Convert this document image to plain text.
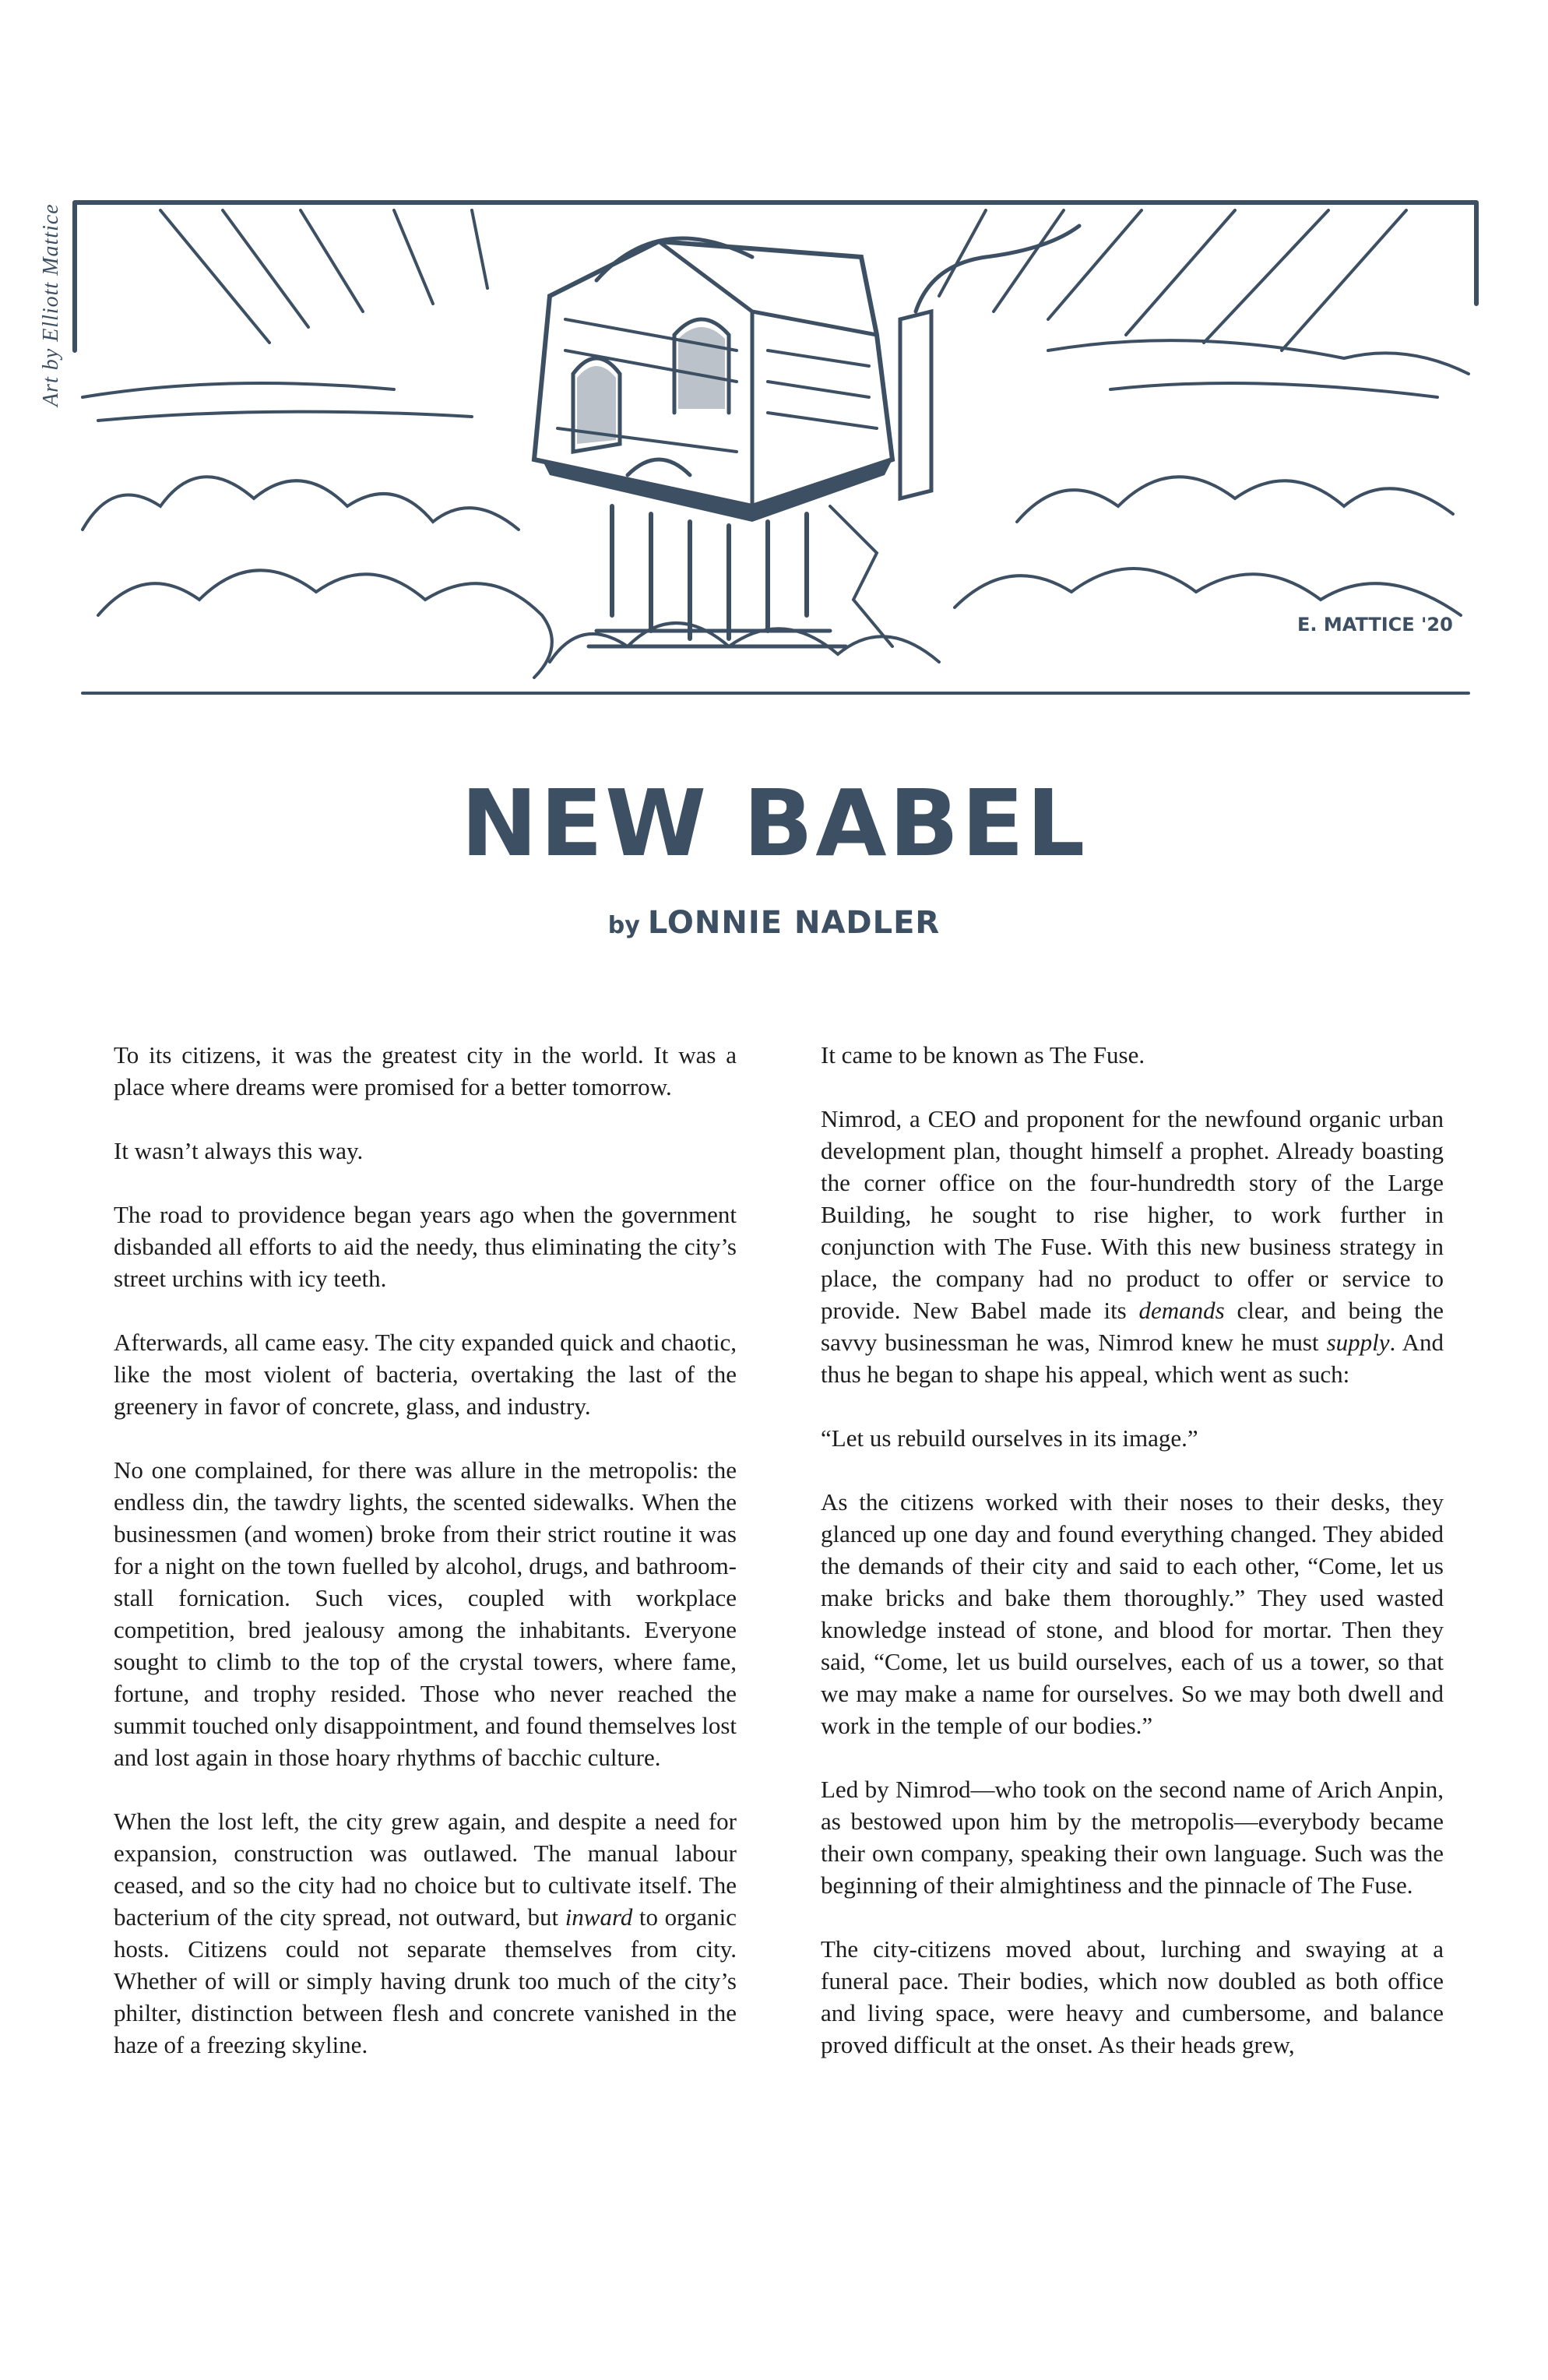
Art by Elliott Mattice
E. MATTICE '20
NEW BABEL
by LONNIE NADLER

To its citizens, it was the greatest city in the world. It was a place where dreams were promised for a better tomorrow.

It wasn’t always this way.

The road to providence began years ago when the government disbanded all efforts to aid the needy, thus eliminating the city’s street urchins with icy teeth.

Afterwards, all came easy. The city expanded quick and chaotic, like the most violent of bacteria, overtaking the last of the greenery in favor of concrete, glass, and industry.

No one complained, for there was allure in the metropolis: the endless din, the tawdry lights, the scented sidewalks. When the businessmen (and women) broke from their strict routine it was for a night on the town fuelled by alcohol, drugs, and bathroom-stall fornication. Such vices, coupled with workplace competition, bred jealousy among the inhabitants. Everyone sought to climb to the top of the crystal towers, where fame, fortune, and trophy resided. Those who never reached the summit touched only disappointment, and found themselves lost and lost again in those hoary rhythms of bacchic culture.

When the lost left, the city grew again, and despite a need for expansion, construction was outlawed. The manual labour ceased, and so the city had no choice but to cultivate itself. The bacterium of the city spread, not outward, but inward to organic hosts. Citizens could not separate themselves from city. Whether of will or simply having drunk too much of the city’s philter, distinction between flesh and concrete vanished in the haze of a freezing skyline.

It came to be known as The Fuse.

Nimrod, a CEO and proponent for the newfound organic urban development plan, thought himself a prophet. Already boasting the corner office on the four-hundredth story of the Large Building, he sought to rise higher, to work further in conjunction with The Fuse. With this new business strategy in place, the company had no product to offer or service to provide. New Babel made its demands clear, and being the savvy businessman he was, Nimrod knew he must supply. And thus he began to shape his appeal, which went as such:

“Let us rebuild ourselves in its image.”

As the citizens worked with their noses to their desks, they glanced up one day and found everything changed. They abided the demands of their city and said to each other, “Come, let us make bricks and bake them thoroughly.” They used wasted knowledge instead of stone, and blood for mortar. Then they said, “Come, let us build ourselves, each of us a tower, so that we may make a name for ourselves. So we may both dwell and work in the temple of our bodies.”

Led by Nimrod—who took on the second name of Arich Anpin, as bestowed upon him by the metropolis—everybody became their own company, speaking their own language. Such was the beginning of their almightiness and the pinnacle of The Fuse.

The city-citizens moved about, lurching and swaying at a funeral pace. Their bodies, which now doubled as both office and living space, were heavy and cumbersome, and balance proved difficult at the onset. As their heads grew,
